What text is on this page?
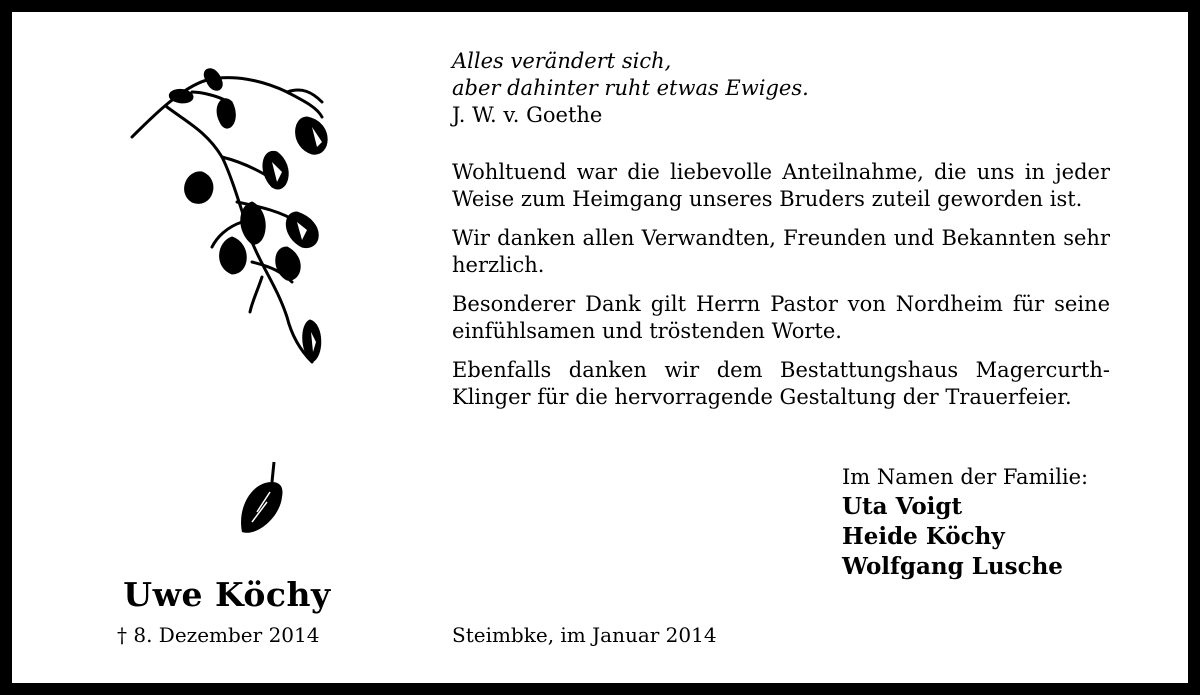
Alles verändert sich,
aber dahinter ruht etwas Ewiges.
J. W. v. Goethe

Wohltuend war die liebevolle Anteilnahme, die uns in jeder Weise zum Heimgang unseres Bruders zuteil geworden ist.

Wir danken allen Verwandten, Freunden und Bekannten sehr herzlich.

Besonderer Dank gilt Herrn Pastor von Nordheim für seine einfühlsamen und tröstenden Worte.

Ebenfalls danken wir dem Bestattungshaus Magercurth-Klinger für die hervorragende Gestaltung der Trauerfeier.

Im Namen der Familie:
Uta Voigt
Heide Köchy
Wolfgang Lusche
Uwe Köchy
† 8. Dezember 2014	Steimbke, im Januar 2014
